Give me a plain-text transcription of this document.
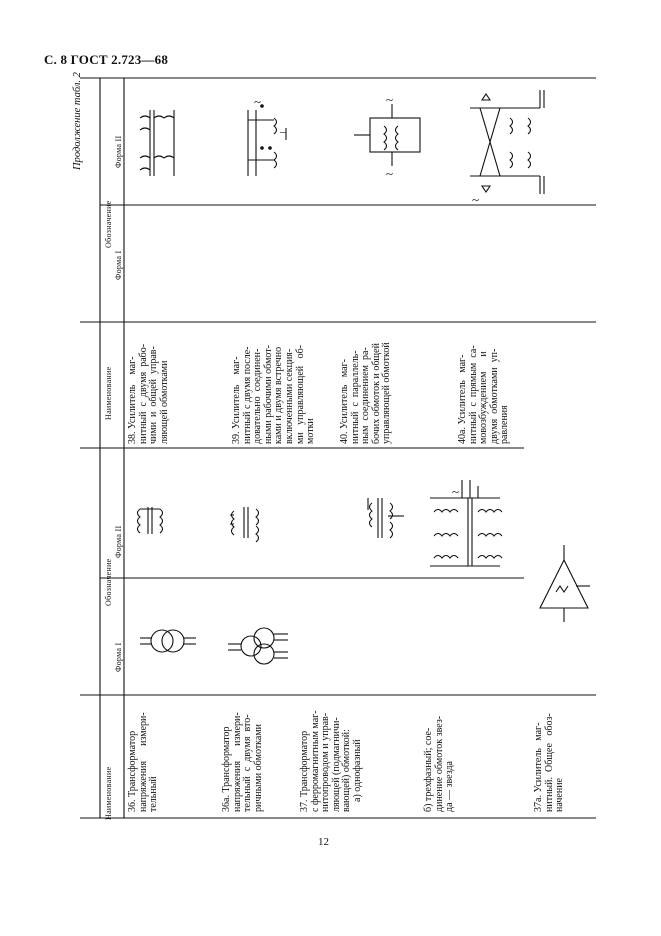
С. 8 ГОСТ 2.723—68
Продолжение табл. 2
12
Наименование
Обозначение
Форма I
Форма II
Наименование
Обозначение
Форма I
Форма II
36. Трансформатор
напряжения      измери-
тельный	36а. Трансформатор
напряжения      измери-
тельный  с  двумя  вто-
ричными обмотками
37. Трансформатор
с ферромагнитным маг-
нитопроводом и управ-
ляющей (подмагничи-
вающей) обмоткой:
а) однофазный
б) трехфазный; сое-
динение обмоток звез-
да — звезда
37а. Усилитель   маг-
нитный.  Общее   обоз-
начение
38. Усилитель    маг-
нитный  с  двумя  рабо-
чими  и  общей  управ-
ляющей обмотками
39. Усилитель    маг-
нитный с двумя после-
довательно  соединен-
ными рабочими обмот-
ками и двумя встречно
включенными секция-
ми   управляющей   об-
мотки 40. Усилитель   маг-
нитный  с  параллель-
ным  соединением  ра-
бочих обмоток и общей
управляющей обмоткой
40а. Усилитель   маг-
нитный  с  прямым  са-
мовозбуждением      и
двумя  обмотками  уп-
равления
~
~
~
~
~
–
